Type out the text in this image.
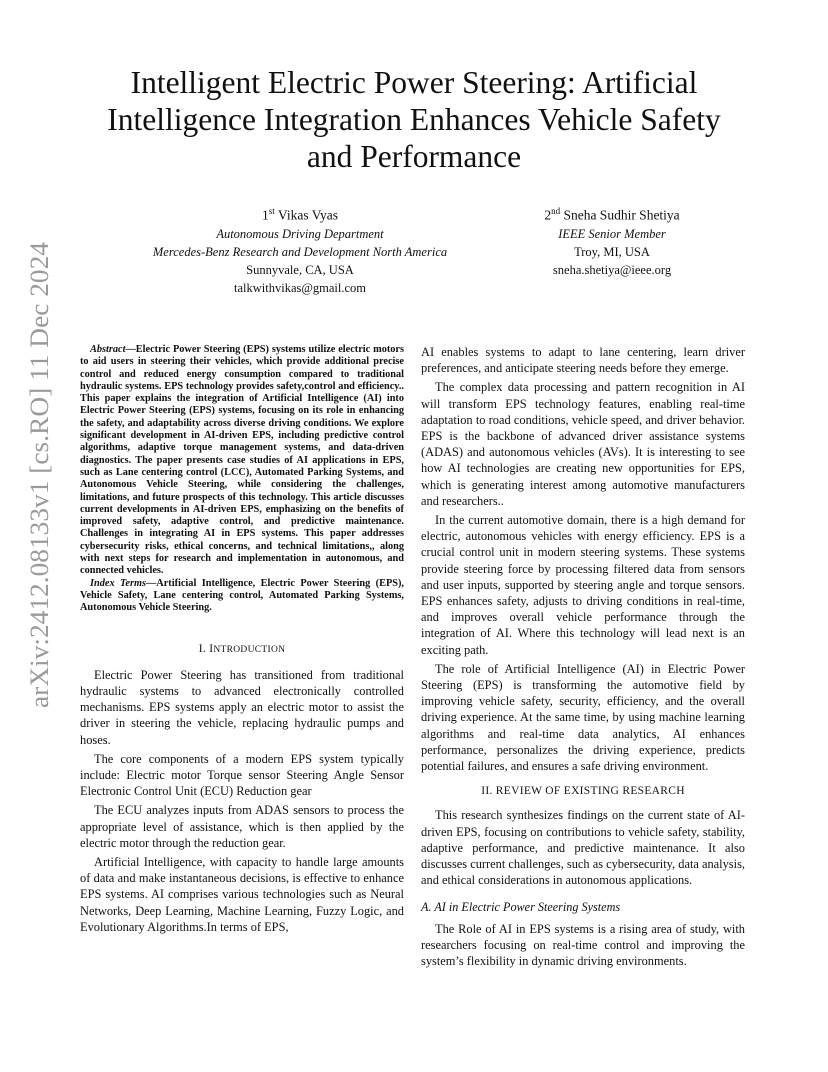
arXiv:2412.08133v1 [cs.RO] 11 Dec 2024
Intelligent Electric Power Steering: Artificial
Intelligence Integration Enhances Vehicle Safety
and Performance
1st Vikas Vyas
Autonomous Driving Department
Mercedes-Benz Research and Development North America
Sunnyvale, CA, USA
talkwithvikas@gmail.com
2nd Sneha Sudhir Shetiya
IEEE Senior Member
Troy, MI, USA
sneha.shetiya@ieee.org

Abstract—Electric Power Steering (EPS) systems utilize electric motors to aid users in steering their vehicles, which provide additional precise control and reduced energy consumption compared to traditional hydraulic systems. EPS technology provides safety,control and efficiency.. This paper explains the integration of Artificial Intelligence (AI) into Electric Power Steering (EPS) systems, focusing on its role in enhancing the safety, and adaptability across diverse driving conditions. We explore significant development in AI-driven EPS, including predictive control algorithms, adaptive torque management systems, and data-driven diagnostics. The paper presents case studies of AI applications in EPS, such as Lane centering control (LCC), Automated Parking Systems, and Autonomous Vehicle Steering, while considering the challenges, limitations, and future prospects of this technology. This article discusses current developments in AI-driven EPS, emphasizing on the benefits of improved safety, adaptive control, and predictive maintenance. Challenges in integrating AI in EPS systems. This paper addresses cybersecurity risks, ethical concerns, and technical limitations,, along with next steps for research and implementation in autonomous, and connected vehicles.

Index Terms—Artificial Intelligence, Electric Power Steering (EPS), Vehicle Safety, Lane centering control, Automated Parking Systems, Autonomous Vehicle Steering.

I. INTRODUCTION

Electric Power Steering has transitioned from traditional hydraulic systems to advanced electronically controlled mechanisms. EPS systems apply an electric motor to assist the driver in steering the vehicle, replacing hydraulic pumps and hoses.

The core components of a modern EPS system typically include: Electric motor Torque sensor Steering Angle Sensor Electronic Control Unit (ECU) Reduction gear

The ECU analyzes inputs from ADAS sensors to process the appropriate level of assistance, which is then applied by the electric motor through the reduction gear.

Artificial Intelligence, with capacity to handle large amounts of data and make instantaneous decisions, is effective to enhance EPS systems. AI comprises various technologies such as Neural Networks, Deep Learning, Machine Learning, Fuzzy Logic, and Evolutionary Algorithms.In terms of EPS,

AI enables systems to adapt to lane centering, learn driver preferences, and anticipate steering needs before they emerge.

The complex data processing and pattern recognition in AI will transform EPS technology features, enabling real-time adaptation to road conditions, vehicle speed, and driver behavior. EPS is the backbone of advanced driver assistance systems (ADAS) and autonomous vehicles (AVs). It is interesting to see how AI technologies are creating new opportunities for EPS, which is generating interest among automotive manufacturers and researchers..

In the current automotive domain, there is a high demand for electric, autonomous vehicles with energy efficiency. EPS is a crucial control unit in modern steering systems. These systems provide steering force by processing filtered data from sensors and user inputs, supported by steering angle and torque sensors. EPS enhances safety, adjusts to driving conditions in real-time, and improves overall vehicle performance through the integration of AI. Where this technology will lead next is an exciting path.

The role of Artificial Intelligence (AI) in Electric Power Steering (EPS) is transforming the automotive field by improving vehicle safety, security, efficiency, and the overall driving experience. At the same time, by using machine learning algorithms and real-time data analytics, AI enhances performance, personalizes the driving experience, predicts potential failures, and ensures a safe driving environment.

II. REVIEW OF EXISTING RESEARCH

This research synthesizes findings on the current state of AI-driven EPS, focusing on contributions to vehicle safety, stability, adaptive performance, and predictive maintenance. It also discusses current challenges, such as cybersecurity, data analysis, and ethical considerations in autonomous applications.

A. AI in Electric Power Steering Systems

The Role of AI in EPS systems is a rising area of study, with researchers focusing on real-time control and improving the system’s flexibility in dynamic driving environments.
